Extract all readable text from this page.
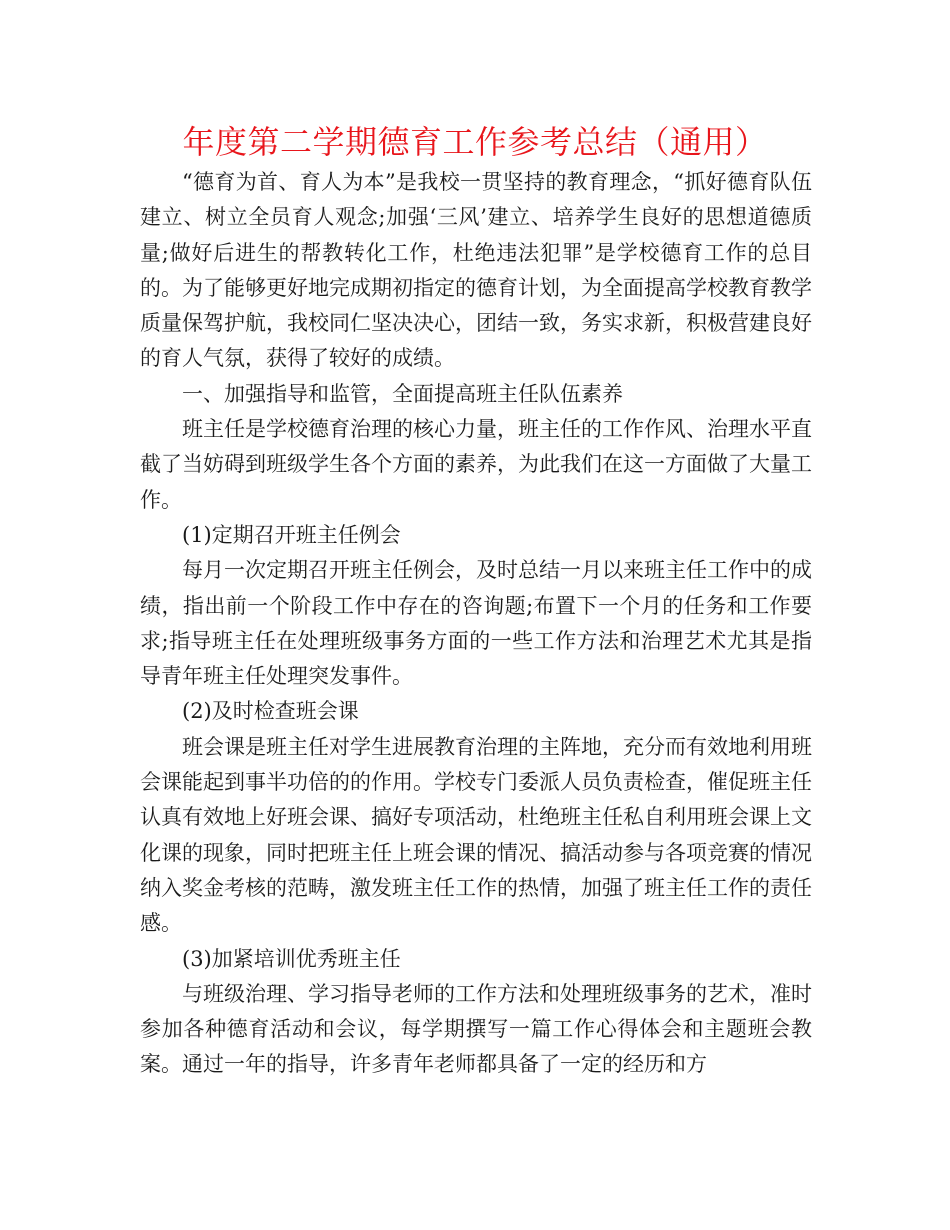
年度第二学期德育工作参考总结（通用）

“德育为首、育人为本”是我校一贯坚持的教育理念，“抓好德育队伍建立、树立全员育人观念;加强‘三风’建立、培养学生良好的思想道德质量;做好后进生的帮教转化工作，杜绝违法犯罪”是学校德育工作的总目的。为了能够更好地完成期初指定的德育计划，为全面提高学校教育教学质量保驾护航，我校同仁坚决决心，团结一致，务实求新，积极营建良好的育人气氛，获得了较好的成绩。

一、加强指导和监管，全面提高班主任队伍素养

班主任是学校德育治理的核心力量，班主任的工作作风、治理水平直截了当妨碍到班级学生各个方面的素养，为此我们在这一方面做了大量工作。

(1)定期召开班主任例会

每月一次定期召开班主任例会，及时总结一月以来班主任工作中的成绩，指出前一个阶段工作中存在的咨询题;布置下一个月的任务和工作要求;指导班主任在处理班级事务方面的一些工作方法和治理艺术尤其是指导青年班主任处理突发事件。

(2)及时检查班会课

班会课是班主任对学生进展教育治理的主阵地，充分而有效地利用班会课能起到事半功倍的的作用。学校专门委派人员负责检查，催促班主任认真有效地上好班会课、搞好专项活动，杜绝班主任私自利用班会课上文化课的现象，同时把班主任上班会课的情况、搞活动参与各项竞赛的情况纳入奖金考核的范畴，激发班主任工作的热情，加强了班主任工作的责任感。

(3)加紧培训优秀班主任

与班级治理、学习指导老师的工作方法和处理班级事务的艺术，准时参加各种德育活动和会议，每学期撰写一篇工作心得体会和主题班会教案。通过一年的指导，许多青年老师都具备了一定的经历和方
